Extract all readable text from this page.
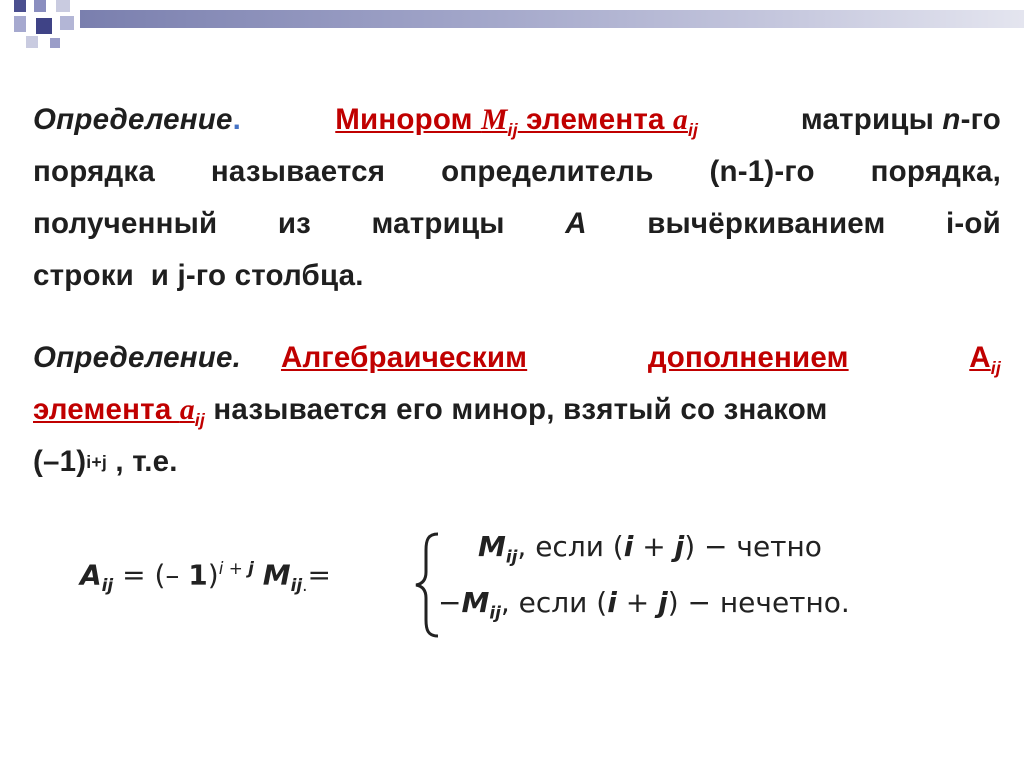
Определение.	Минором $M_{ij}$ элемента $a_{ij}$	матрицы n-го
порядка называется определитель (n-1)-го порядка,
полученный из матрицы A вычёркиванием i-ой
строки  и j-го столбца.
Определение. Алгебраическим	дополнением	$A_{ij}$
элемента $a_{ij}$ называется его минор, взятый со знаком
(–1) i+j , т.е.
$A_{ij}$ = (– 1)$^{i + j}$ $M_{ij.}=$
$M_{ij}$, если (i + j) − четно
$-M_{ij}$, если (i + j) − нечетно.
